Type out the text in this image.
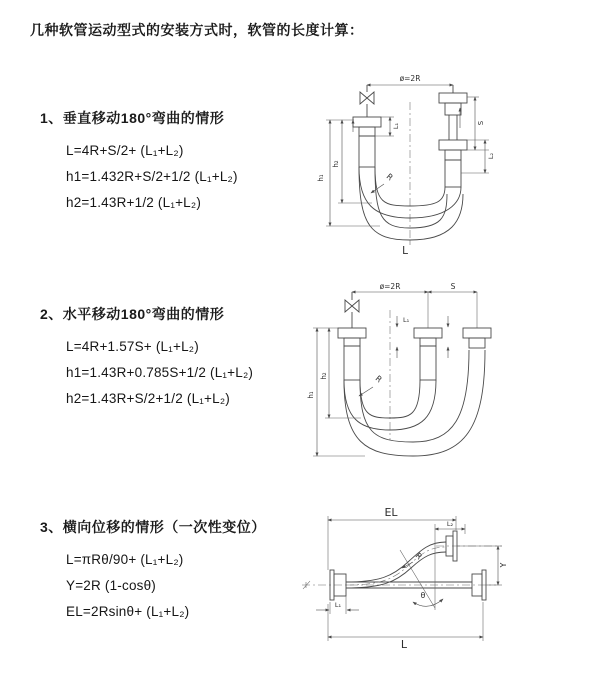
几种软管运动型式的安装方式时，软管的长度计算：
1、垂直移动180°弯曲的情形
L=4R+S/2+ (L₁+L₂)
h1=1.432R+S/2+1/2 (L₁+L₂)
h2=1.43R+1/2 (L₁+L₂)
2、水平移动180°弯曲的情形
L=4R+1.57S+ (L₁+L₂)
h1=1.43R+0.785S+1/2 (L₁+L₂)
h2=1.43R+S/2+1/2 (L₁+L₂)
3、横向位移的情形（一次性变位）
L=πRθ/90+ (L₁+L₂)
Y=2R (1-cosθ)
EL=2Rsinθ+ (L₁+L₂)
ø=2R
h₁
h₂
L₁	S
L₂
R
L
ø=2R	S
h₁
h₂
L₁
R
EL
L₂
θ
R
Y
L₁
L
